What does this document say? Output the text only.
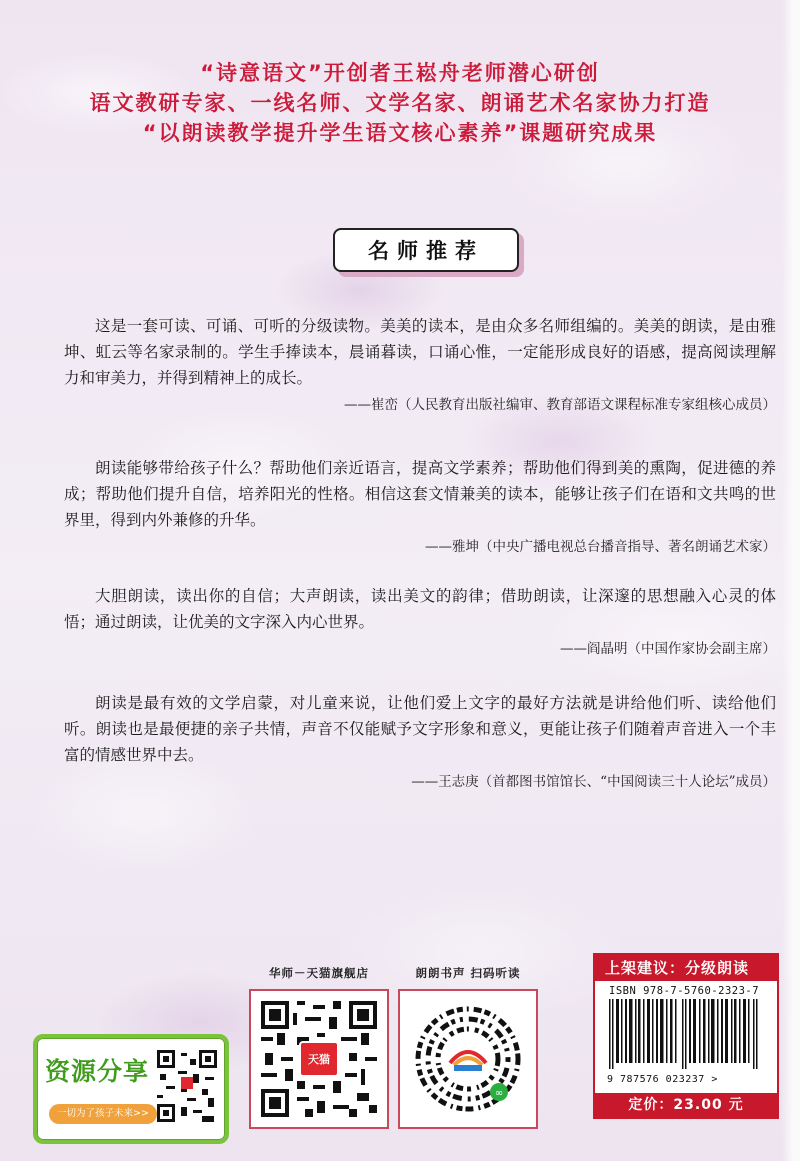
“诗意语文”开创者王崧舟老师潜心研创
语文教研专家、一线名师、文学名家、朗诵艺术名家协力打造
“以朗读教学提升学生语文核心素养”课题研究成果
名师推荐

这是一套可读、可诵、可听的分级读物。美美的读本，是由众多名师组编的。美美的朗读，是由雅坤、虹云等名家录制的。学生手捧读本，晨诵暮读，口诵心惟，一定能形成良好的语感，提高阅读理解力和审美力，并得到精神上的成长。

——崔峦（人民教育出版社编审、教育部语文课程标准专家组核心成员）

朗读能够带给孩子什么？帮助他们亲近语言，提高文学素养；帮助他们得到美的熏陶，促进德的养成；帮助他们提升自信，培养阳光的性格。相信这套文情兼美的读本，能够让孩子们在语和文共鸣的世界里，得到内外兼修的升华。

——雅坤（中央广播电视总台播音指导、著名朗诵艺术家）

大胆朗读，读出你的自信；大声朗读，读出美文的韵律；借助朗读，让深邃的思想融入心灵的体悟；通过朗读，让优美的文字深入内心世界。

——阎晶明（中国作家协会副主席）

朗读是最有效的文学启蒙，对儿童来说，让他们爱上文字的最好方法就是讲给他们听、读给他们听。朗读也是最便捷的亲子共情，声音不仅能赋予文字形象和意义，更能让孩子们随着声音进入一个丰富的情感世界中去。

——王志庚（首都图书馆馆长、“中国阅读三十人论坛”成员）

华师－天猫旗舰店
天猫
朗朗书声 扫码听读
∞
上架建议：分级朗读
ISBN 978-7-5760-2323-7
9 787576 023237 >
定价：23.00 元
资源分享
一切为了孩子未来>>
